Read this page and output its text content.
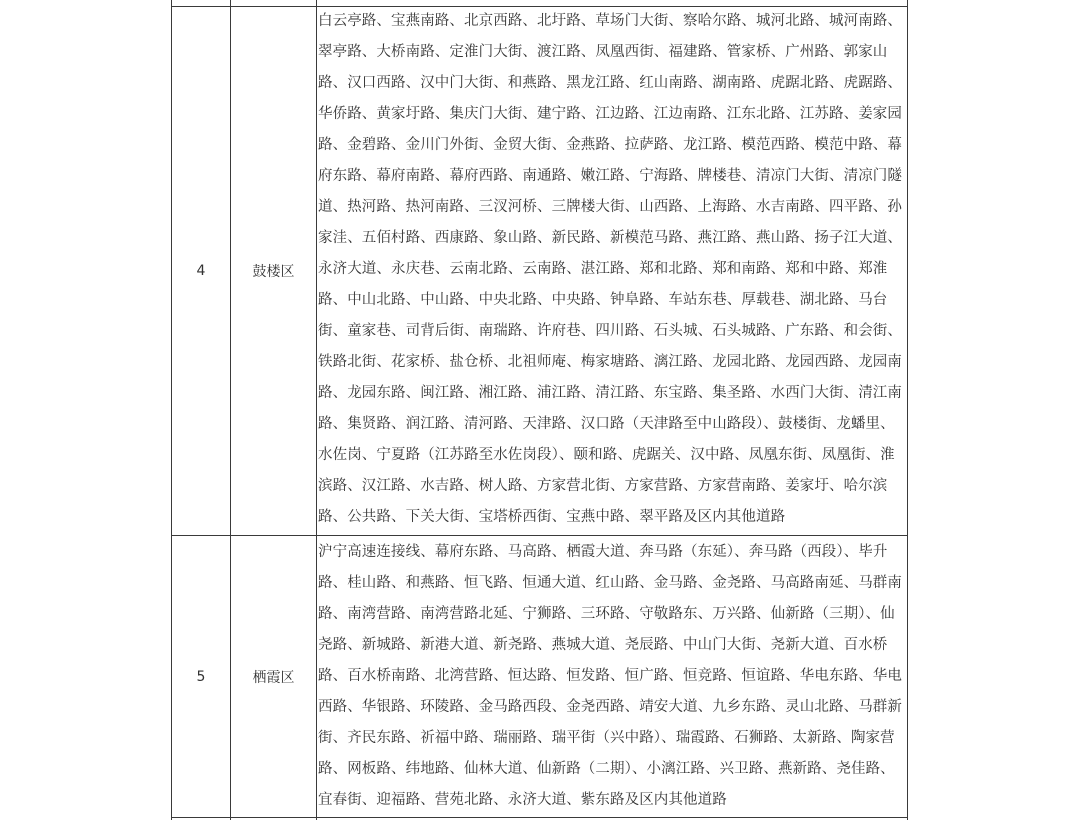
4	鼓楼区
白云亭路、宝燕南路、北京西路、北圩路、草场门大街、察哈尔路、城河北路、城河南路、翠亭路、大桥南路、定淮门大街、渡江路、凤凰西街、福建路、管家桥、广州路、郭家山路、汉口西路、汉中门大街、和燕路、黑龙江路、红山南路、湖南路、虎踞北路、虎踞路、华侨路、黄家圩路、集庆门大街、建宁路、江边路、江边南路、江东北路、江苏路、姜家园路、金碧路、金川门外街、金贸大街、金燕路、拉萨路、龙江路、模范西路、模范中路、幕府东路、幕府南路、幕府西路、南通路、嫩江路、宁海路、牌楼巷、清凉门大街、清凉门隧道、热河路、热河南路、三汊河桥、三牌楼大街、山西路、上海路、水吉南路、四平路、孙家洼、五佰村路、西康路、象山路、新民路、新模范马路、燕江路、燕山路、扬子江大道、永济大道、永庆巷、云南北路、云南路、湛江路、郑和北路、郑和南路、郑和中路、郑淮路、中山北路、中山路、中央北路、中央路、钟阜路、车站东巷、厚载巷、湖北路、马台街、童家巷、司背后街、南瑞路、许府巷、四川路、石头城、石头城路、广东路、和会街、铁路北街、花家桥、盐仓桥、北祖师庵、梅家塘路、漓江路、龙园北路、龙园西路、龙园南路、龙园东路、闽江路、湘江路、浦江路、清江路、东宝路、集圣路、水西门大街、清江南路、集贤路、润江路、清河路、天津路、汉口路（天津路至中山路段）、鼓楼街、龙蟠里、水佐岗、宁夏路（江苏路至水佐岗段）、颐和路、虎踞关、汉中路、凤凰东街、凤凰街、淮滨路、汉江路、水吉路、树人路、方家营北街、方家营路、方家营南路、姜家圩、哈尔滨路、公共路、下关大街、宝塔桥西街、宝燕中路、翠平路及区内其他道路
5	栖霞区
沪宁高速连接线、幕府东路、马高路、栖霞大道、奔马路（东延）、奔马路（西段）、毕升路、桂山路、和燕路、恒飞路、恒通大道、红山路、金马路、金尧路、马高路南延、马群南路、南湾营路、南湾营路北延、宁狮路、三环路、守敬路东、万兴路、仙新路（三期）、仙尧路、新城路、新港大道、新尧路、燕城大道、尧辰路、中山门大街、尧新大道、百水桥路、百水桥南路、北湾营路、恒达路、恒发路、恒广路、恒竞路、恒谊路、华电东路、华电西路、华银路、环陵路、金马路西段、金尧西路、靖安大道、九乡东路、灵山北路、马群新街、齐民东路、祈福中路、瑞丽路、瑞平街（兴中路）、瑞霞路、石狮路、太新路、陶家营路、网板路、纬地路、仙林大道、仙新路（二期）、小漓江路、兴卫路、燕新路、尧佳路、宜春街、迎福路、营苑北路、永济大道、紫东路及区内其他道路
